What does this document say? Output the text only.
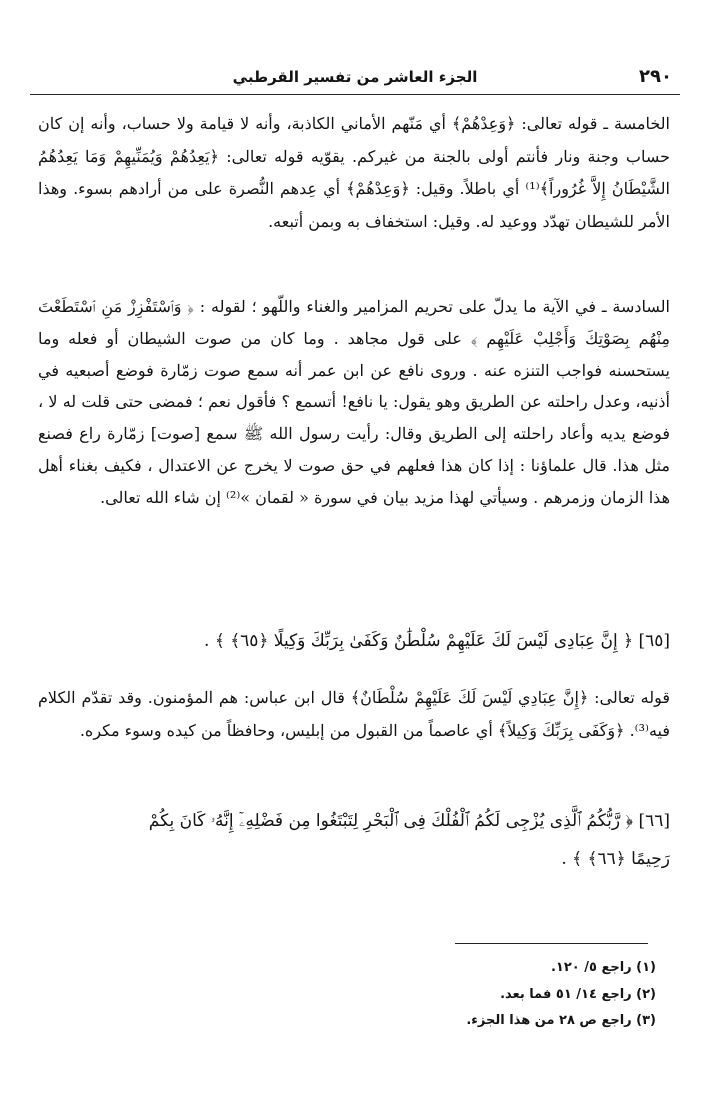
٢٩٠
الجزء العاشر من تفسير القرطبي

الخامسة ـ قوله تعالى: ﴿وَعِدْهُمْ﴾ أي مَنّهم الأماني الكاذبة، وأنه لا قيامة ولا حساب، وأنه إن كان حساب وجنة ونار فأنتم أولى بالجنة من غيركم. يقوّيه قوله تعالى: ﴿يَعِدُهُمْ وَيُمَنِّيهِمْ وَمَا يَعِدُهُمُ الشَّيْطَانُ إِلاَّ غُرُوراً﴾⁽¹⁾ أي باطلاً. وقيل: ﴿وَعِدْهُمْ﴾ أي عِدهم النُّصرة على من أرادهم بسوء. وهذا الأمر للشيطان تهدّد ووعيد له. وقيل: استخفاف به وبمن أتبعه.

السادسة ـ في الآية ما يدلّ على تحريم المزامير والغناء واللّهو ؛ لقوله : ﴿ وَٱسْتَفْزِزْ مَنِ ٱسْتَطَعْتَ مِنْهُم بِصَوْتِكَ وَأَجْلِبْ عَلَيْهِم ﴾ على قول مجاهد . وما كان من صوت الشيطان أو فعله وما يستحسنه فواجب التنزه عنه . وروى نافع عن ابن عمر أنه سمع صوت زمّارة فوضع أصبعيه في أذنيه، وعدل راحلته عن الطريق وهو يقول: يا نافع! أتسمع ؟ فأقول نعم ؛ فمضى حتى قلت له لا ، فوضع يديه وأعاد راحلته إلى الطريق وقال: رأيت رسول الله ﷺ سمع [صوت] زمّارة راع فصنع مثل هذا. قال علماؤنا : إذا كان هذا فعلهم في حق صوت لا يخرج عن الاعتدال ، فكيف بغناء أهل هذا الزمان وزمرهم . وسيأتي لهذا مزيد بيان في سورة « لقمان »⁽²⁾ إن شاء الله تعالى.

[٦٥] ﴿ إِنَّ عِبَادِى لَيْسَ لَكَ عَلَيْهِمْ سُلْطَٰنٌ وَكَفَىٰ بِرَبِّكَ وَكِيلًا ﴿٦٥﴾ ﴾ .

قوله تعالى: ﴿إِنَّ عِبَادِي لَيْسَ لَكَ عَلَيْهِمْ سُلْطَانٌ﴾ قال ابن عباس: هم المؤمنون. وقد تقدّم الكلام فيه⁽³⁾. ﴿وَكَفَى بِرَبِّكَ وَكِيلاً﴾ أي عاصماً من القبول من إبليس، وحافظاً من كيده وسوء مكره.

[٦٦] ﴿ رَّبُّكُمُ ٱلَّذِى يُزْجِى لَكُمُ ٱلْفُلْكَ فِى ٱلْبَحْرِ لِتَبْتَغُوا مِن فَضْلِهِۦٓ إِنَّهُۥ كَانَ بِكُمْ

رَحِيمًا ﴿٦٦﴾ ﴾ .

(١) راجع ٥/ ١٢٠.

(٢) راجع ١٤/ ٥١ فما بعد.

(٣) راجع ص ٢٨ من هذا الجزء.
